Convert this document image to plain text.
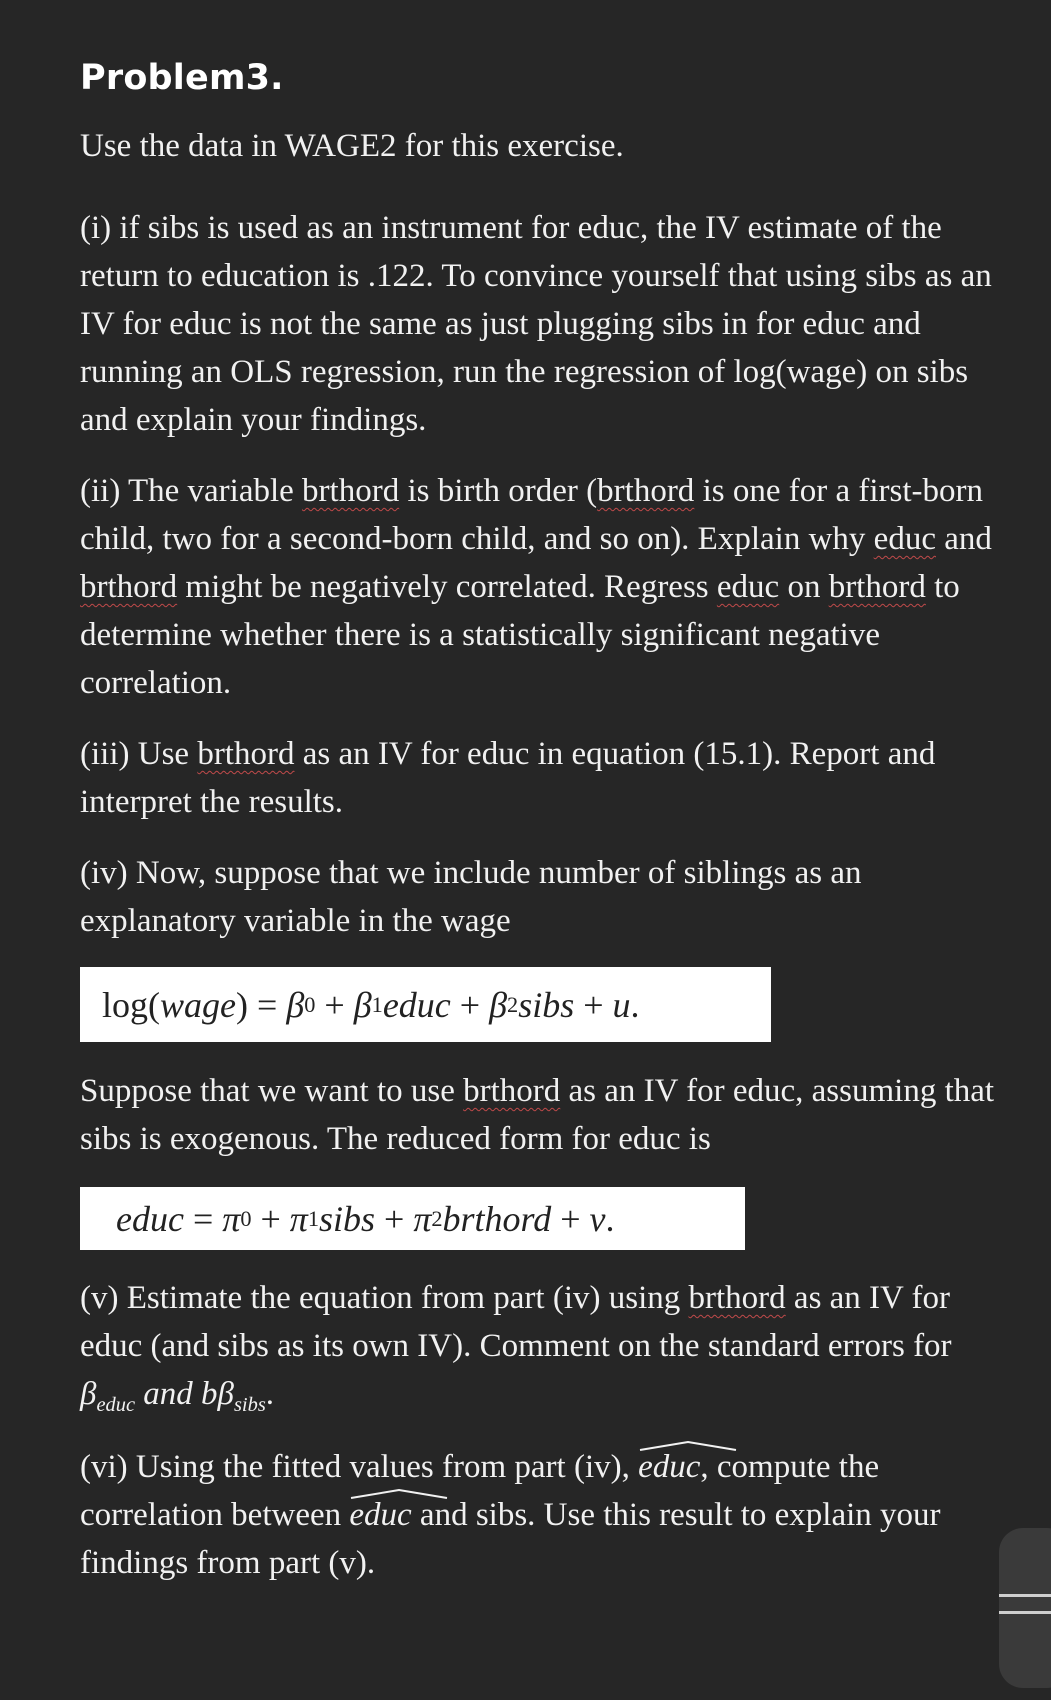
Problem3.

Use the data in WAGE2 for this exercise.

(i) if sibs is used as an instrument for educ, the IV estimate of the return to education is .122. To convince yourself that using sibs as an IV for educ is not the same as just plugging sibs in for educ and running an OLS regression, run the regression of log(wage) on sibs and explain your findings.

(ii) The variable brthord is birth order (brthord is one for a first-born child, two for a second-born child, and so on). Explain why educ and brthord might be negatively correlated. Regress educ on brthord to determine whether there is a statistically significant negative correlation.

(iii) Use brthord as an IV for educ in equation (15.1). Report and interpret the results.

(iv) Now, suppose that we include number of siblings as an explanatory variable in the wage

log( wage ) = β 0 + β 1 educ + β 2 sibs + u .

Suppose that we want to use brthord as an IV for educ, assuming that sibs is exogenous. The reduced form for educ is

educ = π 0 + π 1 sibs + π 2 brthord + v .

(v) Estimate the equation from part (iv) using brthord as an IV for educ (and sibs as its own IV). Comment on the standard errors for $\beta_{educ}$ and $b\beta_{sibs}$.

(vi) Using the fitted values from part (iv),
educ, compute the correlation between
educ and sibs. Use this result to explain your findings from part (v).
